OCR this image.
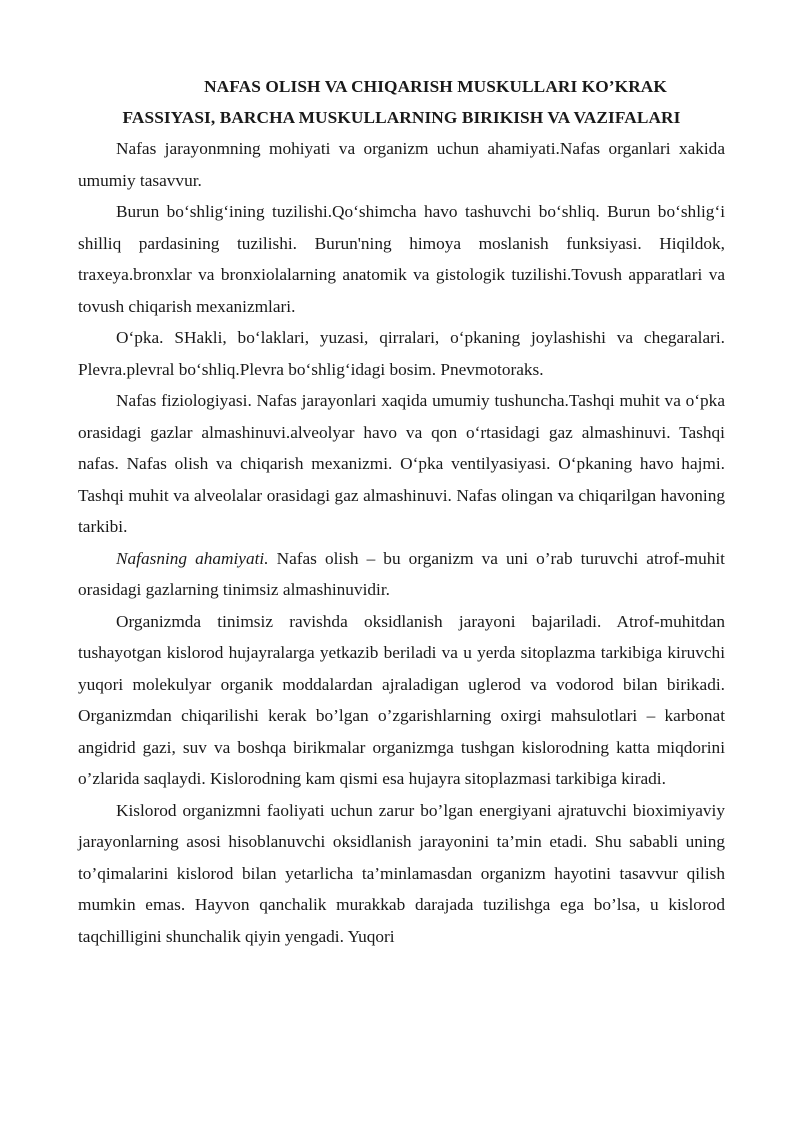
NAFAS OLISH VA CHIQARISH MUSKULLARI KO’KRAK
FASSIYASI, BARCHA MUSKULLARNING BIRIKISH VA VAZIFALARI

Nafas jarayonmning mohiyati va organizm uchun ahamiyati.Nafas organlari xakida umumiy tasavvur.

Burun bo‘shlig‘ining tuzilishi.Qo‘shimcha havo tashuvchi bo‘shliq. Burun bo‘shlig‘i shilliq pardasining tuzilishi. Burun'ning himoya moslanish funksiyasi. Hiqildok, traxeya.bronxlar va bronxiolalarning anatomik va gistologik tuzilishi.Tovush apparatlari va tovush chiqarish mexanizmlari.

O‘pka. SHakli, bo‘laklari, yuzasi, qirralari, o‘pkaning joylashishi va chegaralari. Plevra.plevral bo‘shliq.Plevra bo‘shlig‘idagi bosim. Pnevmotoraks.

Nafas fiziologiyasi. Nafas jarayonlari xaqida umumiy tushuncha.Tashqi muhit va o‘pka orasidagi gazlar almashinuvi.alveolyar havo va qon o‘rtasidagi gaz almashinuvi. Tashqi nafas. Nafas olish va chiqarish mexanizmi. O‘pka ventilyasiyasi. O‘pkaning havo hajmi. Tashqi muhit va alveolalar orasidagi gaz almashinuvi. Nafas olingan va chiqarilgan havoning tarkibi.

Nafasning ahamiyati. Nafas olish – bu organizm va uni o’rab turuvchi atrof-muhit orasidagi gazlarning tinimsiz almashinuvidir.

Organizmda tinimsiz ravishda oksidlanish jarayoni bajariladi. Atrof-muhitdan tushayotgan kislorod hujayralarga yetkazib beriladi va u yerda sitoplazma tarkibiga kiruvchi yuqori molekulyar organik moddalardan ajraladigan uglerod va vodorod bilan birikadi. Organizmdan chiqarilishi kerak bo’lgan o’zgarishlarning oxirgi mahsulotlari – karbonat angidrid gazi, suv va boshqa birikmalar organizmga tushgan kislorodning katta miqdorini o’zlarida saqlaydi. Kislorodning kam qismi esa hujayra sitoplazmasi tarkibiga kiradi.

Kislorod organizmni faoliyati uchun zarur bo’lgan energiyani ajratuvchi bioximiyaviy jarayonlarning asosi hisoblanuvchi oksidlanish jarayonini ta’min etadi. Shu sababli uning to’qimalarini kislorod bilan yetarlicha ta’minlamasdan organizm hayotini tasavvur qilish mumkin emas. Hayvon qanchalik murakkab darajada tuzilishga ega bo’lsa, u kislorod taqchilligini shunchalik qiyin yengadi. Yuqori
